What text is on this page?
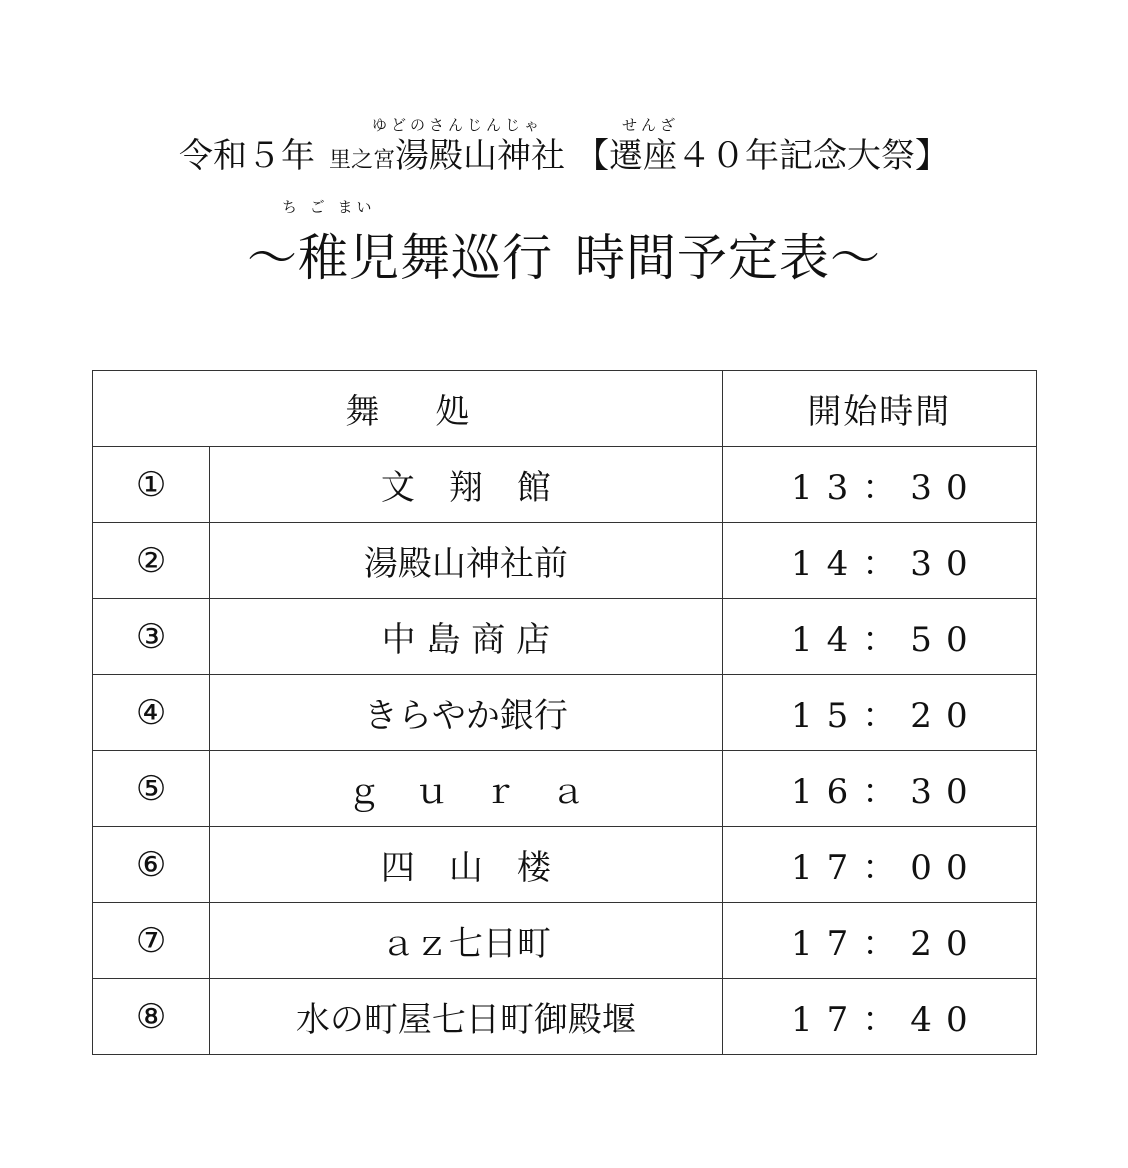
ゆどのさんじんじゃ	せんざ
令和５年 里之宮湯殿山神社 【遷座４０年記念大祭】
ち ご まい
～稚児舞巡行 時間予定表～
舞処		開始時間
①	文　翔　館	13：30
②	湯殿山神社前	14：30
③	中 島 商 店	14：50
④	きらやか銀行	15：20
⑤	ｇ　ｕ　ｒ　ａ	16：30
⑥	四　山　楼	17：00
⑦	ａｚ七日町	17：20
⑧	水の町屋七日町御殿堰	17：40
